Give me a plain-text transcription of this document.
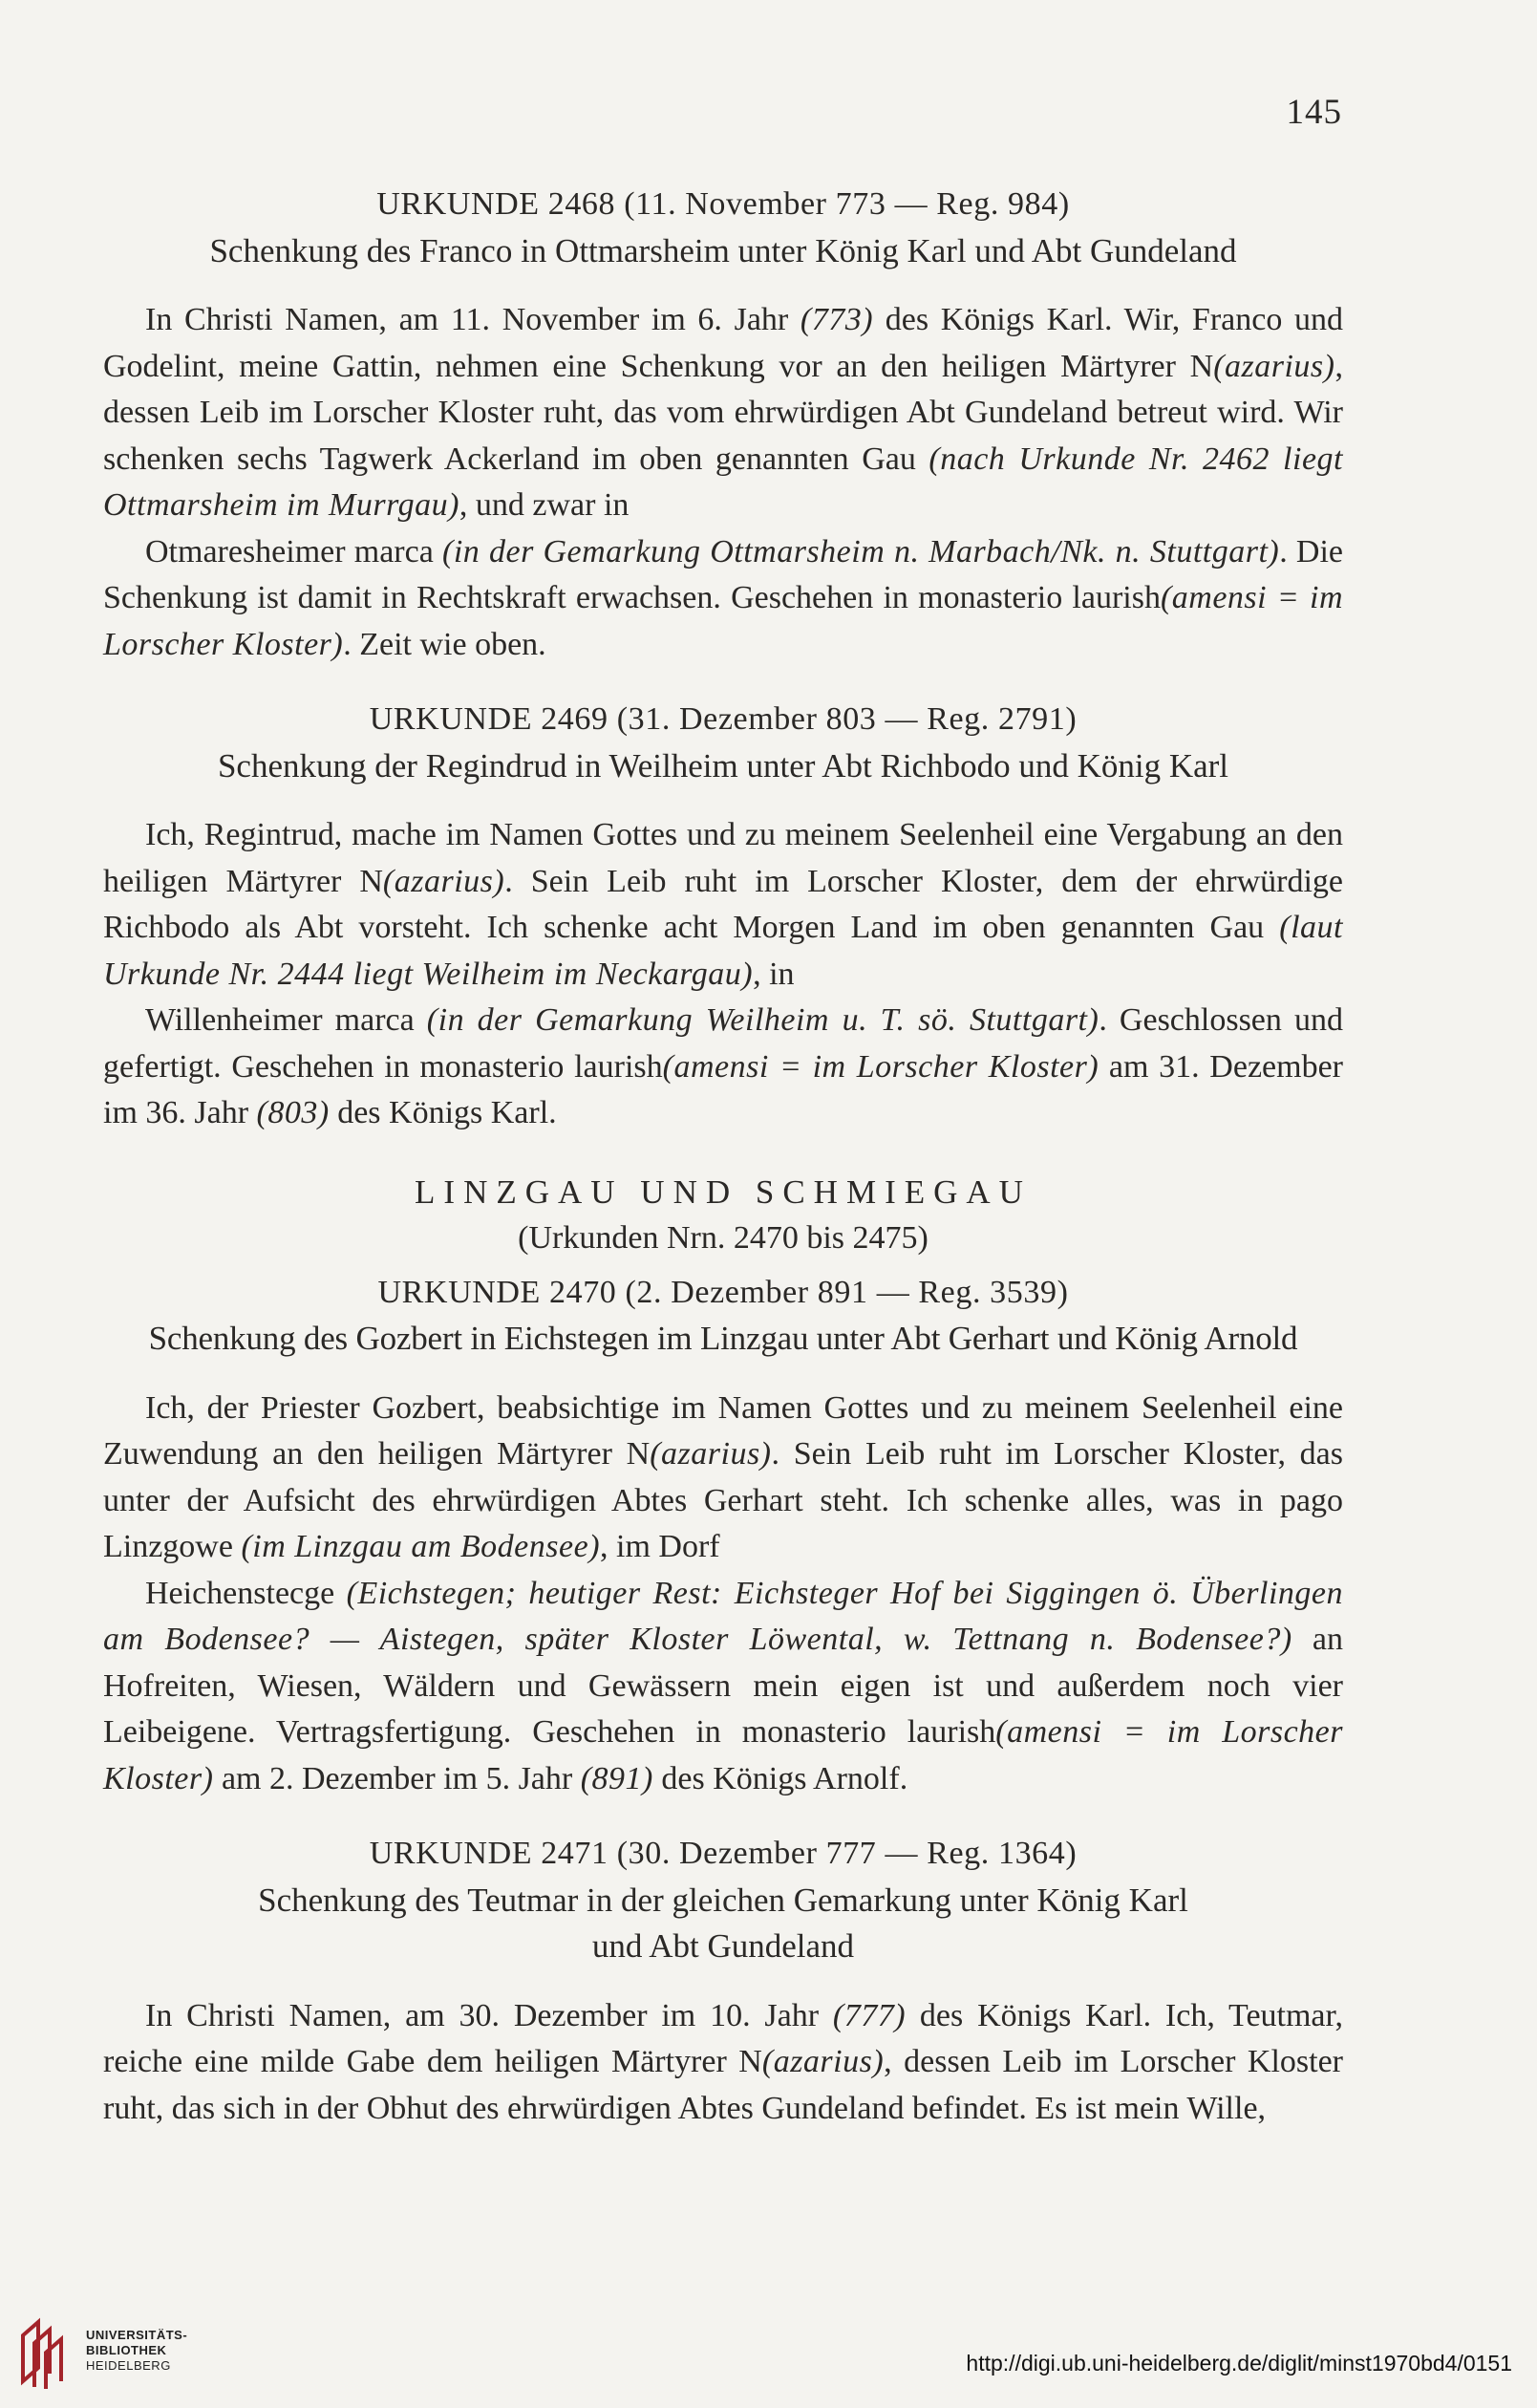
145

URKUNDE 2468 (11. November 773 — Reg. 984)

Schenkung des Franco in Ottmarsheim unter König Karl und Abt Gundeland

In Christi Namen, am 11. November im 6. Jahr (773) des Königs Karl. Wir, Franco und Godelint, meine Gattin, nehmen eine Schenkung vor an den heiligen Märtyrer N(azarius), dessen Leib im Lorscher Kloster ruht, das vom ehrwürdigen Abt Gundeland betreut wird. Wir schenken sechs Tagwerk Ackerland im oben genannten Gau (nach Urkunde Nr. 2462 liegt Ottmarsheim im Murrgau), und zwar in

Otmaresheimer marca (in der Gemarkung Ottmarsheim n. Marbach/Nk. n. Stuttgart). Die Schenkung ist damit in Rechtskraft erwachsen. Geschehen in monasterio laurish(amensi = im Lorscher Kloster). Zeit wie oben.

URKUNDE 2469 (31. Dezember 803 — Reg. 2791)

Schenkung der Regindrud in Weilheim unter Abt Richbodo und König Karl

Ich, Regintrud, mache im Namen Gottes und zu meinem Seelenheil eine Vergabung an den heiligen Märtyrer N(azarius). Sein Leib ruht im Lorscher Kloster, dem der ehrwürdige Richbodo als Abt vorsteht. Ich schenke acht Morgen Land im oben genannten Gau (laut Urkunde Nr. 2444 liegt Weilheim im Neckargau), in

Willenheimer marca (in der Gemarkung Weilheim u. T. sö. Stuttgart). Geschlossen und gefertigt. Geschehen in monasterio laurish(amensi = im Lorscher Kloster) am 31. Dezember im 36. Jahr (803) des Königs Karl.

LINZGAU UND SCHMIEGAU

(Urkunden Nrn. 2470 bis 2475)

URKUNDE 2470 (2. Dezember 891 — Reg. 3539)

Schenkung des Gozbert in Eichstegen im Linzgau unter Abt Gerhart und König Arnold

Ich, der Priester Gozbert, beabsichtige im Namen Gottes und zu meinem Seelenheil eine Zuwendung an den heiligen Märtyrer N(azarius). Sein Leib ruht im Lorscher Kloster, das unter der Aufsicht des ehrwürdigen Abtes Gerhart steht. Ich schenke alles, was in pago Linzgowe (im Linzgau am Bodensee), im Dorf

Heichenstecge (Eichstegen; heutiger Rest: Eichsteger Hof bei Siggingen ö. Überlingen am Bodensee? — Aistegen, später Kloster Löwental, w. Tettnang n. Bodensee?) an Hofreiten, Wiesen, Wäldern und Gewässern mein eigen ist und außerdem noch vier Leibeigene. Vertragsfertigung. Geschehen in monasterio laurish(amensi = im Lorscher Kloster) am 2. Dezember im 5. Jahr (891) des Königs Arnolf.

URKUNDE 2471 (30. Dezember 777 — Reg. 1364)

Schenkung des Teutmar in der gleichen Gemarkung unter König Karl

und Abt Gundeland

In Christi Namen, am 30. Dezember im 10. Jahr (777) des Königs Karl. Ich, Teutmar, reiche eine milde Gabe dem heiligen Märtyrer N(azarius), dessen Leib im Lorscher Kloster ruht, das sich in der Obhut des ehrwürdigen Abtes Gundeland befindet. Es ist mein Wille,

UNIVERSITÄTS-
BIBLIOTHEK
HEIDELBERG	http://digi.ub.uni-heidelberg.de/diglit/minst1970bd4/0151
